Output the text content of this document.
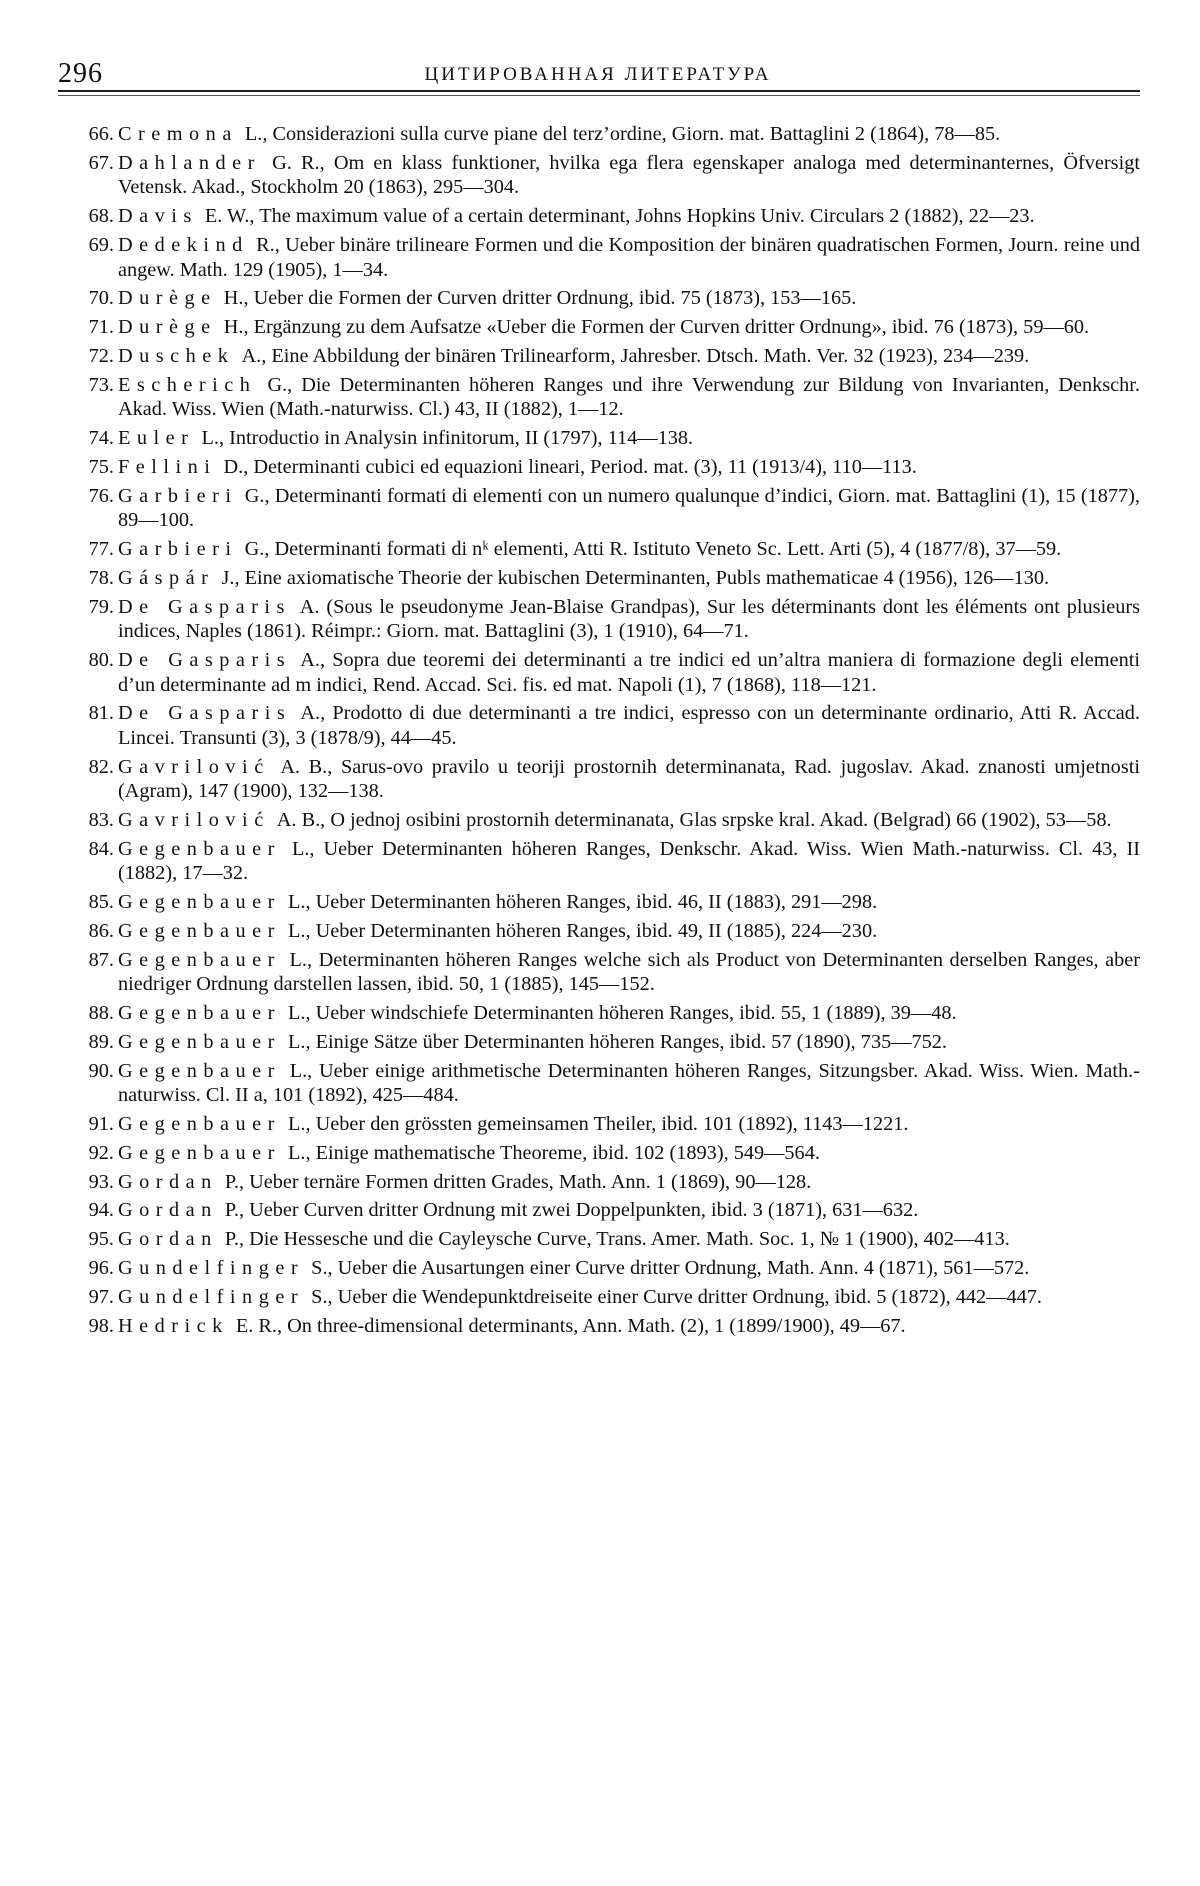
296	ЦИТИРОВАННАЯ ЛИТЕРАТУРА
66. Cremona L., Considerazioni sulla curve piane del terz’ordine, Giorn. mat. Battaglini 2 (1864), 78—85.
67. Dahlander G. R., Om en klass funktioner, hvilka ega flera egenskaper analoga med determinanternes, Öfversigt Vetensk. Akad., Stockholm 20 (1863), 295—304.
68. Davis E. W., The maximum value of a certain determinant, Johns Hopkins Univ. Circulars 2 (1882), 22—23.
69. Dedekind R., Ueber binäre trilineare Formen und die Komposition der binären quadratischen Formen, Journ. reine und angew. Math. 129 (1905), 1—34.
70. Durège H., Ueber die Formen der Curven dritter Ordnung, ibid. 75 (1873), 153—165.
71. Durège H., Ergänzung zu dem Aufsatze «Ueber die Formen der Curven dritter Ordnung», ibid. 76 (1873), 59—60.
72. Duschek A., Eine Abbildung der binären Trilinearform, Jahresber. Dtsch. Math. Ver. 32 (1923), 234—239.
73. Escherich G., Die Determinanten höheren Ranges und ihre Verwendung zur Bildung von Invarianten, Denkschr. Akad. Wiss. Wien (Math.-naturwiss. Cl.) 43, II (1882), 1—12.
74. Euler L., Introductio in Analysin infinitorum, II (1797), 114—138.
75. Fellini D., Determinanti cubici ed equazioni lineari, Period. mat. (3), 11 (1913/4), 110—113.
76. Garbieri G., Determinanti formati di elementi con un numero qualunque d’indici, Giorn. mat. Battaglini (1), 15 (1877), 89—100.
77. Garbieri G., Determinanti formati di nᵏ elementi, Atti R. Istituto Veneto Sc. Lett. Arti (5), 4 (1877/8), 37—59.
78. Gáspár J., Eine axiomatische Theorie der kubischen Determinanten, Publs mathematicae 4 (1956), 126—130.
79. De Gasparis A. (Sous le pseudonyme Jean-Blaise Grandpas), Sur les déterminants dont les éléments ont plusieurs indices, Naples (1861). Réimpr.: Giorn. mat. Battaglini (3), 1 (1910), 64—71.
80. De Gasparis A., Sopra due teoremi dei determinanti a tre indici ed un’altra maniera di formazione degli elementi d’un determinante ad m indici, Rend. Accad. Sci. fis. ed mat. Napoli (1), 7 (1868), 118—121.
81. De Gasparis A., Prodotto di due determinanti a tre indici, espresso con un determinante ordinario, Atti R. Accad. Lincei. Transunti (3), 3 (1878/9), 44—45.
82. Gavrilović A. B., Sarus-ovo pravilo u teoriji prostornih determinanata, Rad. jugoslav. Akad. znanosti umjetnosti (Agram), 147 (1900), 132—138.
83. Gavrilović A. B., O jednoj osibini prostornih determinanata, Glas srpske kral. Akad. (Belgrad) 66 (1902), 53—58.
84. Gegenbauer L., Ueber Determinanten höheren Ranges, Denkschr. Akad. Wiss. Wien Math.-naturwiss. Cl. 43, II (1882), 17—32.
85. Gegenbauer L., Ueber Determinanten höheren Ranges, ibid. 46, II (1883), 291—298.
86. Gegenbauer L., Ueber Determinanten höheren Ranges, ibid. 49, II (1885), 224—230.
87. Gegenbauer L., Determinanten höheren Ranges welche sich als Product von Determinanten derselben Ranges, aber niedriger Ordnung darstellen lassen, ibid. 50, 1 (1885), 145—152.
88. Gegenbauer L., Ueber windschiefe Determinanten höheren Ranges, ibid. 55, 1 (1889), 39—48.
89. Gegenbauer L., Einige Sätze über Determinanten höheren Ranges, ibid. 57 (1890), 735—752.
90. Gegenbauer L., Ueber einige arithmetische Determinanten höheren Ranges, Sitzungsber. Akad. Wiss. Wien. Math.-naturwiss. Cl. II a, 101 (1892), 425—484.
91. Gegenbauer L., Ueber den grössten gemeinsamen Theiler, ibid. 101 (1892), 1143—1221.
92. Gegenbauer L., Einige mathematische Theoreme, ibid. 102 (1893), 549—564.
93. Gordan P., Ueber ternäre Formen dritten Grades, Math. Ann. 1 (1869), 90—128.
94. Gordan P., Ueber Curven dritter Ordnung mit zwei Doppelpunkten, ibid. 3 (1871), 631—632.
95. Gordan P., Die Hessesche und die Cayleysche Curve, Trans. Amer. Math. Soc. 1, № 1 (1900), 402—413.
96. Gundelfinger S., Ueber die Ausartungen einer Curve dritter Ordnung, Math. Ann. 4 (1871), 561—572.
97. Gundelfinger S., Ueber die Wendepunktdreiseite einer Curve dritter Ordnung, ibid. 5 (1872), 442—447.
98. Hedrick E. R., On three-dimensional determinants, Ann. Math. (2), 1 (1899/1900), 49—67.
